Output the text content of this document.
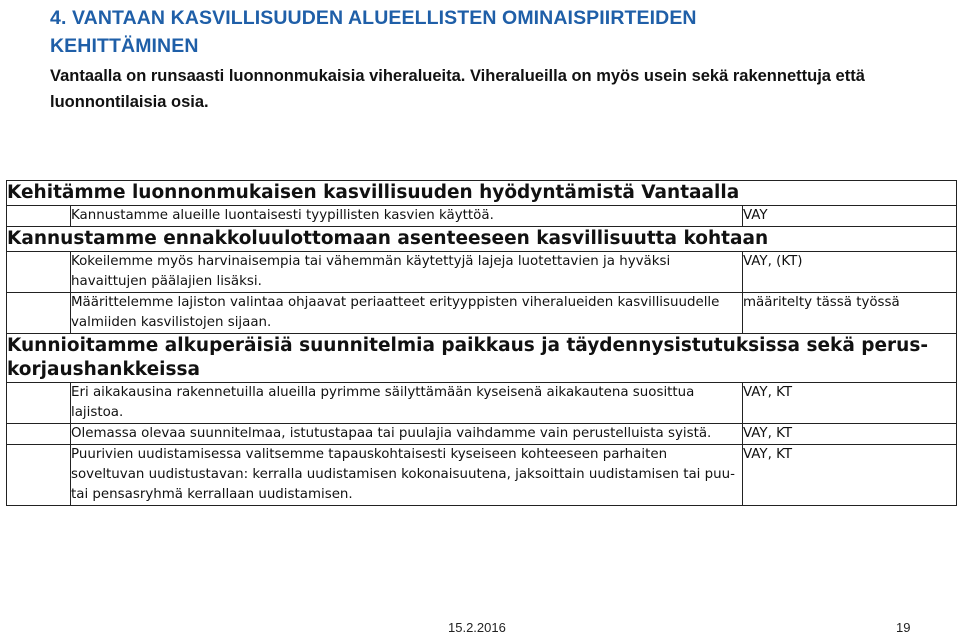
4. VANTAAN KASVILLISUUDEN ALUEELLISTEN OMINAISPIIRTEIDEN
KEHITTÄMINEN
Vantaalla on runsaasti luonnonmukaisia viheralueita. Viheralueilla on myös usein sekä rakennettuja että luonnontilaisia osia.
Kehitämme luonnonmukaisen kasvillisuuden hyödyntämistä Vantaalla		
	Kannustamme alueille luontaisesti tyypillisten kasvien käyttöä.	VAY
Kannustamme ennakkoluulottomaan asenteeseen kasvillisuutta kohtaan		
	Kokeilemme myös harvinaisempia tai vähemmän käytettyjä lajeja luotettavien ja hyväksi havaittujen päälajien lisäksi.	VAY, (KT)
	Määrittelemme lajiston valintaa ohjaavat periaatteet erityyppisten viheralueiden kasvillisuudelle valmiiden kasvilistojen sijaan.	määritelty tässä työssä
Kunnioitamme alkuperäisiä suunnitelmia paikkaus ja täydennysistutuksissa sekä perus-korjaushankkeissa		
	Eri aikakausina rakennetuilla alueilla pyrimme säilyttämään kyseisenä aikakautena suosittua lajistoa.	VAY, KT
	Olemassa olevaa suunnitelmaa, istutustapaa tai puulajia vaihdamme vain perustelluista syistä.	VAY, KT
	Puurivien uudistamisessa valitsemme tapauskohtaisesti kyseiseen kohteeseen parhaiten soveltuvan uudistustavan: kerralla uudistamisen kokonaisuutena, jaksoittain uudistamisen tai puu- tai pensasryhmä kerrallaan uudistamisen.	VAY, KT
15.2.2016	19
